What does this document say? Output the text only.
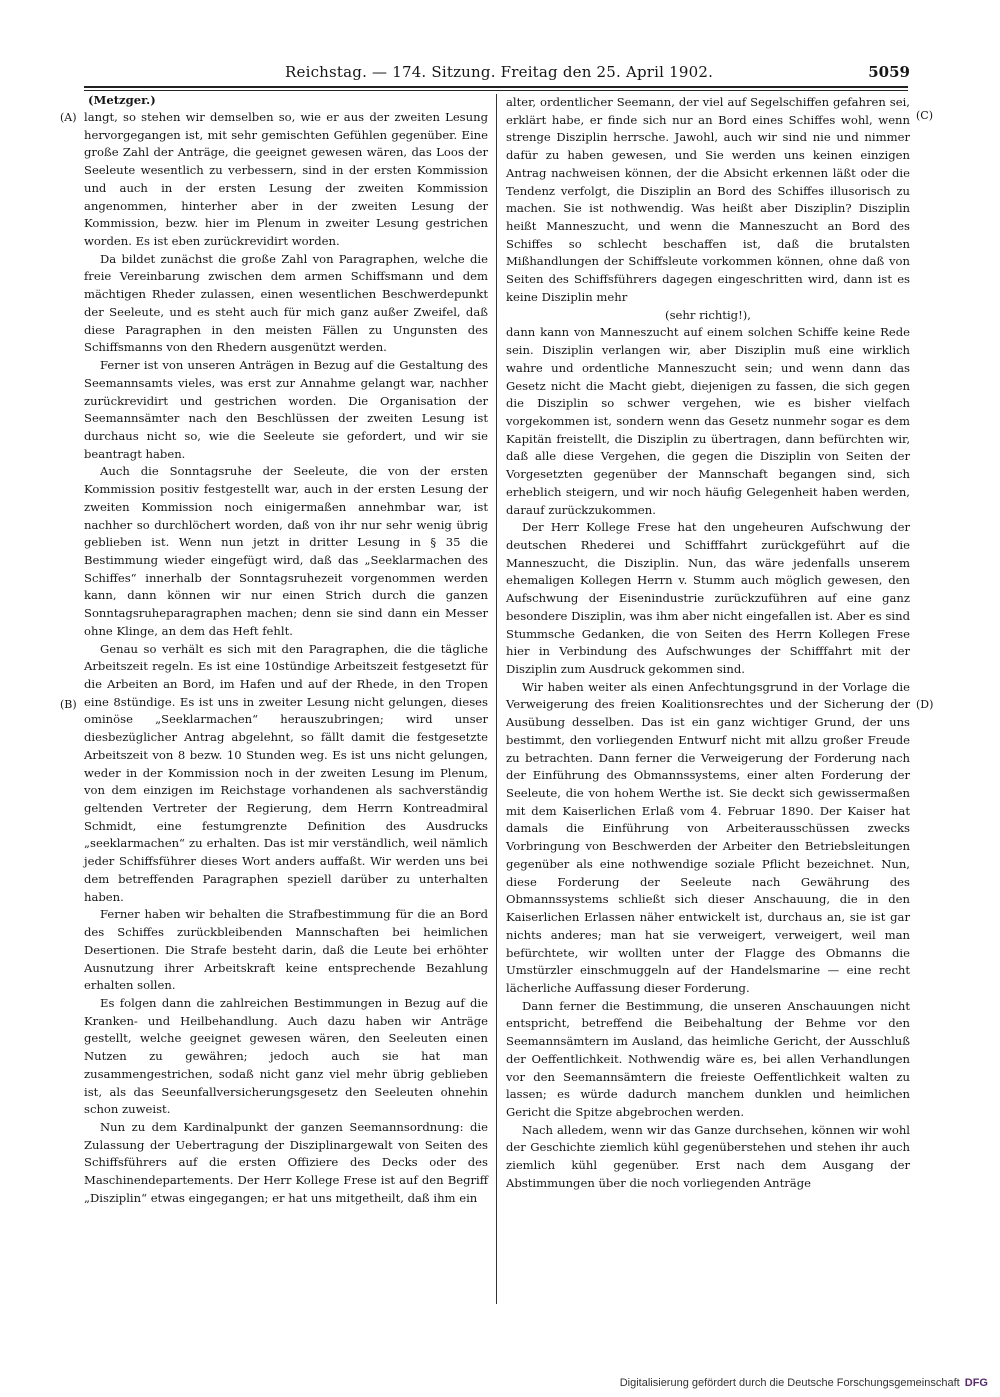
Reichstag. — 174. Sitzung. Freitag den 25. April 1902.	5059
(Metzger.)
(A)
(B)
(C)
(D)

langt, so stehen wir demselben so, wie er aus der zweiten Lesung hervorgegangen ist, mit sehr gemischten Gefühlen gegenüber. Eine große Zahl der Anträge, die geeignet gewesen wären, das Loos der Seeleute wesentlich zu verbessern, sind in der ersten Kommission und auch in der ersten Lesung der zweiten Kommission angenommen, hinterher aber in der zweiten Lesung der Kommission, bezw. hier im Plenum in zweiter Lesung gestrichen worden. Es ist eben zurückrevidirt worden.

Da bildet zunächst die große Zahl von Paragraphen, welche die freie Vereinbarung zwischen dem armen Schiffsmann und dem mächtigen Rheder zulassen, einen wesentlichen Beschwerdepunkt der Seeleute, und es steht auch für mich ganz außer Zweifel, daß diese Paragraphen in den meisten Fällen zu Ungunsten des Schiffsmanns von den Rhedern ausgenützt werden.

Ferner ist von unseren Anträgen in Bezug auf die Gestaltung des Seemannsamts vieles, was erst zur Annahme gelangt war, nachher zurückrevidirt und gestrichen worden. Die Organisation der Seemannsämter nach den Beschlüssen der zweiten Lesung ist durchaus nicht so, wie die Seeleute sie gefordert, und wir sie beantragt haben.

Auch die Sonntagsruhe der Seeleute, die von der ersten Kommission positiv festgestellt war, auch in der ersten Lesung der zweiten Kommission noch einigermaßen annehmbar war, ist nachher so durchlöchert worden, daß von ihr nur sehr wenig übrig geblieben ist. Wenn nun jetzt in dritter Lesung in § 35 die Bestimmung wieder eingefügt wird, daß das „Seeklarmachen des Schiffes“ innerhalb der Sonntagsruhezeit vorgenommen werden kann, dann können wir nur einen Strich durch die ganzen Sonntagsruheparagraphen machen; denn sie sind dann ein Messer ohne Klinge, an dem das Heft fehlt.

Genau so verhält es sich mit den Paragraphen, die die tägliche Arbeitszeit regeln. Es ist eine 10stündige Arbeitszeit festgesetzt für die Arbeiten an Bord, im Hafen und auf der Rhede, in den Tropen eine 8stündige. Es ist uns in zweiter Lesung nicht gelungen, dieses ominöse „Seeklarmachen“ herauszubringen; wird unser diesbezüglicher Antrag abgelehnt, so fällt damit die festgesetzte Arbeitszeit von 8 bezw. 10 Stunden weg. Es ist uns nicht gelungen, weder in der Kommission noch in der zweiten Lesung im Plenum, von dem einzigen im Reichstage vorhandenen als sachverständig geltenden Vertreter der Regierung, dem Herrn Kontreadmiral Schmidt, eine festumgrenzte Definition des Ausdrucks „seeklarmachen“ zu erhalten. Das ist mir verständlich, weil nämlich jeder Schiffsführer dieses Wort anders auffaßt. Wir werden uns bei dem betreffenden Paragraphen speziell darüber zu unterhalten haben.

Ferner haben wir behalten die Strafbestimmung für die an Bord des Schiffes zurückbleibenden Mannschaften bei heimlichen Desertionen. Die Strafe besteht darin, daß die Leute bei erhöhter Ausnutzung ihrer Arbeitskraft keine entsprechende Bezahlung erhalten sollen.

Es folgen dann die zahlreichen Bestimmungen in Bezug auf die Kranken- und Heilbehandlung. Auch dazu haben wir Anträge gestellt, welche geeignet gewesen wären, den Seeleuten einen Nutzen zu gewähren; jedoch auch sie hat man zusammengestrichen, sodaß nicht ganz viel mehr übrig geblieben ist, als das Seeunfallversicherungsgesetz den Seeleuten ohnehin schon zuweist.

Nun zu dem Kardinalpunkt der ganzen Seemannsordnung: die Zulassung der Uebertragung der Disziplinargewalt von Seiten des Schiffsführers auf die ersten Offiziere des Decks oder des Maschinendepartements. Der Herr Kollege Frese ist auf den Begriff „Disziplin“ etwas eingegangen; er hat uns mitgetheilt, daß ihm ein

alter, ordentlicher Seemann, der viel auf Segelschiffen gefahren sei, erklärt habe, er finde sich nur an Bord eines Schiffes wohl, wenn strenge Disziplin herrsche. Jawohl, auch wir sind nie und nimmer dafür zu haben gewesen, und Sie werden uns keinen einzigen Antrag nachweisen können, der die Absicht erkennen läßt oder die Tendenz verfolgt, die Disziplin an Bord des Schiffes illusorisch zu machen. Sie ist nothwendig. Was heißt aber Disziplin? Disziplin heißt Manneszucht, und wenn die Manneszucht an Bord des Schiffes so schlecht beschaffen ist, daß die brutalsten Mißhandlungen der Schiffsleute vorkommen können, ohne daß von Seiten des Schiffsführers dagegen eingeschritten wird, dann ist es keine Disziplin mehr

(sehr richtig!),

dann kann von Manneszucht auf einem solchen Schiffe keine Rede sein. Disziplin verlangen wir, aber Disziplin muß eine wirklich wahre und ordentliche Manneszucht sein; und wenn dann das Gesetz nicht die Macht giebt, diejenigen zu fassen, die sich gegen die Disziplin so schwer vergehen, wie es bisher vielfach vorgekommen ist, sondern wenn das Gesetz nunmehr sogar es dem Kapitän freistellt, die Disziplin zu übertragen, dann befürchten wir, daß alle diese Vergehen, die gegen die Disziplin von Seiten der Vorgesetzten gegenüber der Mannschaft begangen sind, sich erheblich steigern, und wir noch häufig Gelegenheit haben werden, darauf zurückzukommen.

Der Herr Kollege Frese hat den ungeheuren Aufschwung der deutschen Rhederei und Schifffahrt zurückgeführt auf die Manneszucht, die Disziplin. Nun, das wäre jedenfalls unserem ehemaligen Kollegen Herrn v. Stumm auch möglich gewesen, den Aufschwung der Eisenindustrie zurückzuführen auf eine ganz besondere Disziplin, was ihm aber nicht eingefallen ist. Aber es sind Stummsche Gedanken, die von Seiten des Herrn Kollegen Frese hier in Verbindung des Aufschwunges der Schifffahrt mit der Disziplin zum Ausdruck gekommen sind.

Wir haben weiter als einen Anfechtungsgrund in der Vorlage die Verweigerung des freien Koalitionsrechtes und der Sicherung der Ausübung desselben. Das ist ein ganz wichtiger Grund, der uns bestimmt, den vorliegenden Entwurf nicht mit allzu großer Freude zu betrachten. Dann ferner die Verweigerung der Forderung nach der Einführung des Obmannssystems, einer alten Forderung der Seeleute, die von hohem Werthe ist. Sie deckt sich gewissermaßen mit dem Kaiserlichen Erlaß vom 4. Februar 1890. Der Kaiser hat damals die Einführung von Arbeiterausschüssen zwecks Vorbringung von Beschwerden der Arbeiter den Betriebsleitungen gegenüber als eine nothwendige soziale Pflicht bezeichnet. Nun, diese Forderung der Seeleute nach Gewährung des Obmannssystems schließt sich dieser Anschauung, die in den Kaiserlichen Erlassen näher entwickelt ist, durchaus an, sie ist gar nichts anderes; man hat sie verweigert, verweigert, weil man befürchtete, wir wollten unter der Flagge des Obmanns die Umstürzler einschmuggeln auf der Handelsmarine — eine recht lächerliche Auffassung dieser Forderung.

Dann ferner die Bestimmung, die unseren Anschauungen nicht entspricht, betreffend die Beibehaltung der Behme vor den Seemannsämtern im Ausland, das heimliche Gericht, der Ausschluß der Oeffentlichkeit. Nothwendig wäre es, bei allen Verhandlungen vor den Seemannsämtern die freieste Oeffentlichkeit walten zu lassen; es würde dadurch manchem dunklen und heimlichen Gericht die Spitze abgebrochen werden.

Nach alledem, wenn wir das Ganze durchsehen, können wir wohl der Geschichte ziemlich kühl gegenüberstehen und stehen ihr auch ziemlich kühl gegenüber. Erst nach dem Ausgang der Abstimmungen über die noch vorliegenden Anträge

Digitalisierung gefördert durch die Deutsche Forschungsgemeinschaft DFG
